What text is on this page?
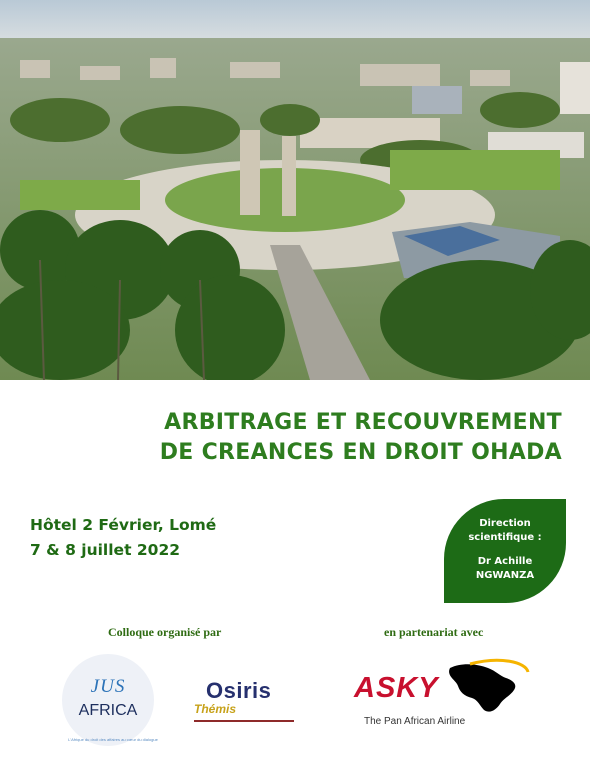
ARBITRAGE ET RECOUVREMENT
DE CREANCES EN DROIT OHADA
Hôtel 2 Février, Lomé
7 & 8 juillet 2022
Direction
scientifique :
Dr Achille
NGWANZA
Colloque organisé par	en partenariat avec
JUS
AFRICA
L'Afrique du droit des affaires au cœur du dialogue
Osiris
Thémis
ASKY
The Pan African Airline
